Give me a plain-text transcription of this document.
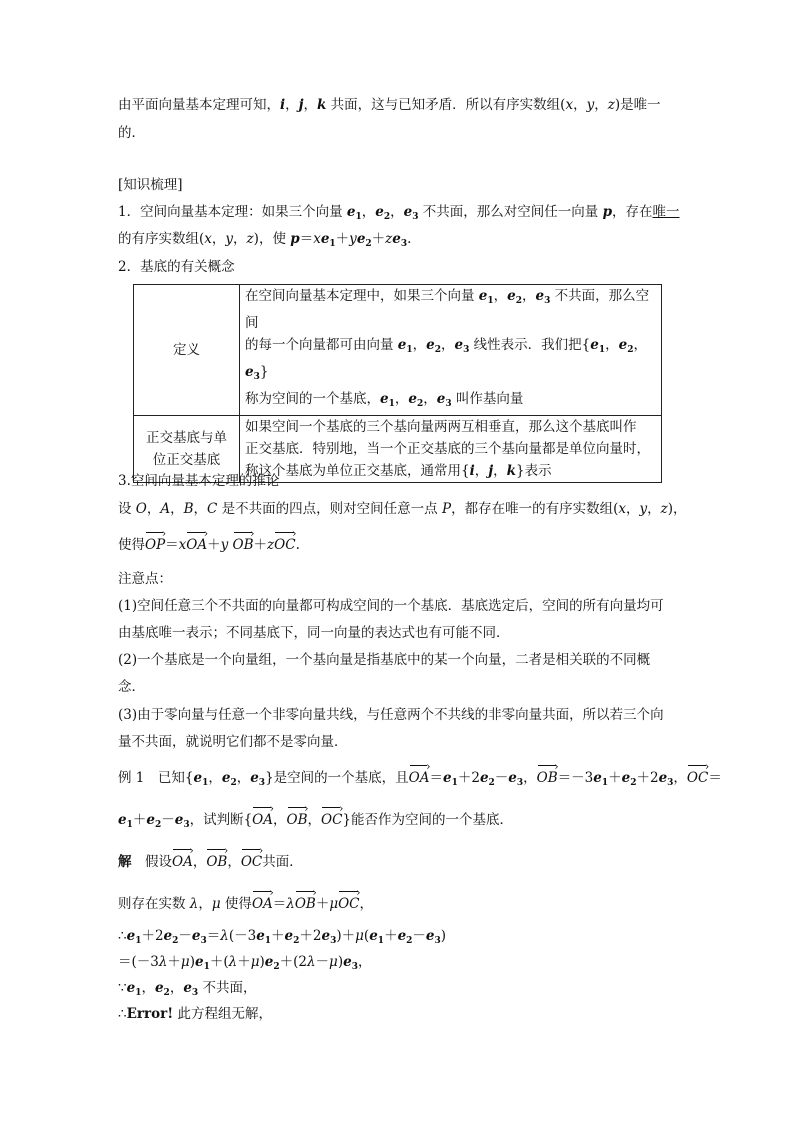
由平面向量基本定理可知，i，j，k 共面，这与已知矛盾．所以有序实数组(x，y，z)是唯一
的．
[知识梳理]
1．空间向量基本定理：如果三个向量 $e_1$，$e_2$，$e_3$ 不共面，那么对空间任一向量 p，存在唯一
的有序实数组(x，y，z)，使 $p=xe_1+ye_2+ze_3$.
2．基底的有关概念
定义	在空间向量基本定理中，如果三个向量 $e_1$，$e_2$，$e_3$ 不共面，那么空间
的每一个向量都可由向量 $e_1$，$e_2$，$e_3$ 线性表示．我们把{$e_1$，$e_2$，$e_3$}
称为空间的一个基底，$e_1$，$e_2$，$e_3$ 叫作基向量
正交基底与单
位正交基底	如果空间一个基底的三个基向量两两互相垂直，那么这个基底叫作
正交基底．特别地，当一个正交基底的三个基向量都是单位向量时，
称这个基底为单位正交基底，通常用{i，j，k}表示
3.空间向量基本定理的推论
设 O，A，B，C 是不共面的四点，则对空间任意一点 P，都存在唯一的有序实数组(x，y，z)，
使得OP ›＝xOA ›＋y OB ›＋zOC ›.
注意点：
(1)空间任意三个不共面的向量都可构成空间的一个基底．基底选定后，空间的所有向量均可
由基底唯一表示；不同基底下，同一向量的表达式也有可能不同．
(2)一个基底是一个向量组，一个基向量是指基底中的某一个向量，二者是相关联的不同概
念．
(3)由于零向量与任意一个非零向量共线，与任意两个不共线的非零向量共面，所以若三个向
量不共面，就说明它们都不是零向量．
例 1　已知{$e_1$，$e_2$，$e_3$}是空间的一个基底，且OA $›=e_1+2e_2-e_3$，OB $›=-3e_1+e_2+2e_3$，OC ›＝
$e_1+e_2-e_3$，试判断{OA ›，OB ›，OC ›}能否作为空间的一个基底．
解　假设OA ›，OB ›，OC ›共面．
则存在实数 λ，μ 使得OA ›＝λOB ›＋μOC ›，
$\therefore e_1+2e_2-e_3=\lambda(-3e_1+e_2+2e_3)+\mu(e_1+e_2-e_3)$
$=(-3\lambda+\mu)e_1+(\lambda+\mu)e_2+(2\lambda-\mu)e_3$，
$\because e_1$，$e_2$，$e_3$ 不共面，
∴Error! 此方程组无解，
